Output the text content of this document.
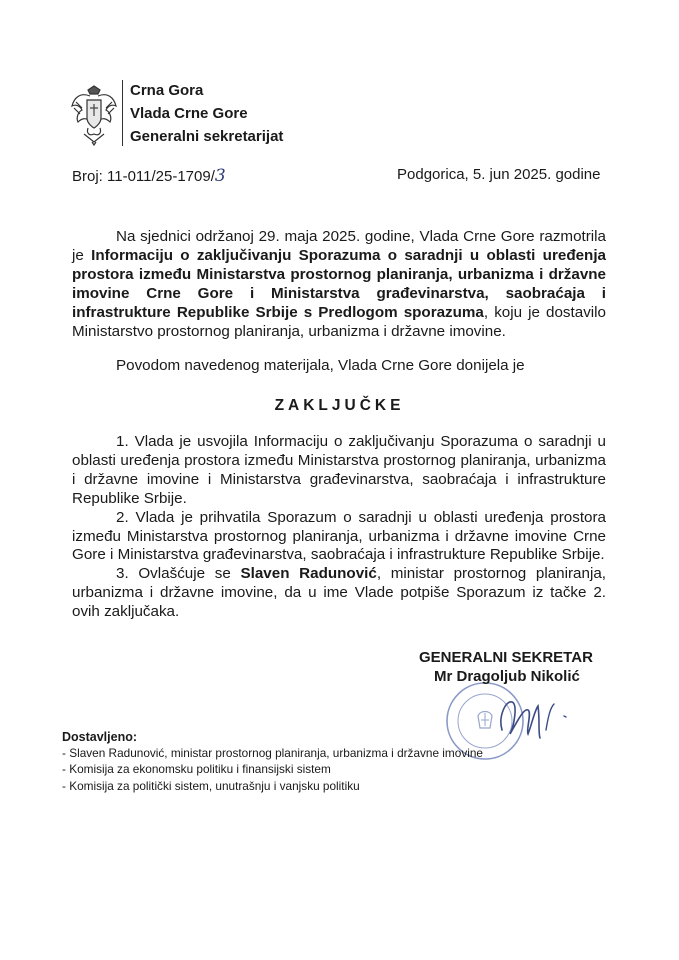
Crna Gora
Vlada Crne Gore
Generalni sekretarijat
Broj: 11-011/25-1709/3	Podgorica, 5. jun 2025. godine
Na sjednici održanoj 29. maja 2025. godine, Vlada Crne Gore razmotrila je Informaciju o zaključivanju Sporazuma o saradnji u oblasti uređenja prostora između Ministarstva prostornog planiranja, urbanizma i državne imovine Crne Gore i Ministarstva građevinarstva, saobraćaja i infrastrukture Republike Srbije s Predlogom sporazuma, koju je dostavilo Ministarstvo prostornog planiranja, urbanizma i državne imovine.
Povodom navedenog materijala, Vlada Crne Gore donijela je
ZAKLJUČKE

1. Vlada je usvojila Informaciju o zaključivanju Sporazuma o saradnji u oblasti uređenja prostora između Ministarstva prostornog planiranja, urbanizma i državne imovine i Ministarstva građevinarstva, saobraćaja i infrastrukture Republike Srbije.

2. Vlada je prihvatila Sporazum o saradnji u oblasti uređenja prostora između Ministarstva prostornog planiranja, urbanizma i državne imovine Crne Gore i Ministarstva građevinarstva, saobraćaja i infrastrukture Republike Srbije.

3. Ovlašćuje se Slaven Radunović, ministar prostornog planiranja, urbanizma i državne imovine, da u ime Vlade potpiše Sporazum iz tačke 2. ovih zaključaka.

GENERALNI SEKRETAR
Mr Dragoljub Nikolić
Dostavljeno:
- Slaven Radunović, ministar prostornog planiranja, urbanizma i državne imovine
- Komisija za ekonomsku politiku i finansijski sistem
- Komisija za politički sistem, unutrašnju i vanjsku politiku
